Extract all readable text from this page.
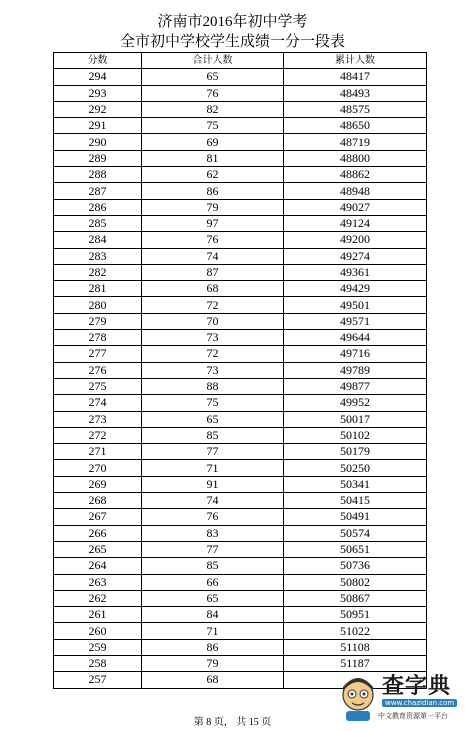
济南市2016年初中学考
全市初中学校学生成绩一分一段表
分数	合计人数	累计人数
294	65	48417
293	76	48493
292	82	48575
291	75	48650
290	69	48719
289	81	48800
288	62	48862
287	86	48948
286	79	49027
285	97	49124
284	76	49200
283	74	49274
282	87	49361
281	68	49429
280	72	49501
279	70	49571
278	73	49644
277	72	49716
276	73	49789
275	88	49877
274	75	49952
273	65	50017
272	85	50102
271	77	50179
270	71	50250
269	91	50341
268	74	50415
267	76	50491
266	83	50574
265	77	50651
264	85	50736
263	66	50802
262	65	50867
261	84	50951
260	71	51022
259	86	51108
258	79	51187
257	68	
第 8 页， 共 15 页
查字典
www.chazidian.com
中文教育资源第一平台
